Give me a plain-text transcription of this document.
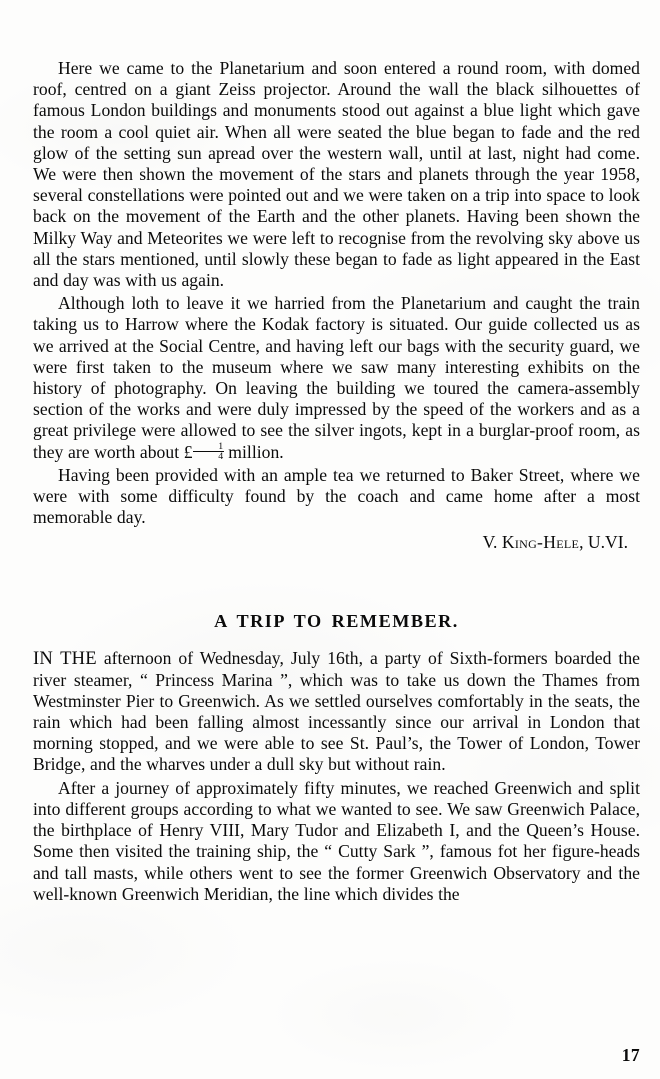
Here we came to the Planetarium and soon entered a round room, with domed roof, centred on a giant Zeiss projector. Around the wall the black silhouettes of famous London buildings and monuments stood out against a blue light which gave the room a cool quiet air. When all were seated the blue began to fade and the red glow of the setting sun apread over the western wall, until at last, night had come. We were then shown the movement of the stars and planets through the year 1958, several constellations were pointed out and we were taken on a trip into space to look back on the movement of the Earth and the other planets. Having been shown the Milky Way and Meteorites we were left to recognise from the revolving sky above us all the stars mentioned, until slowly these began to fade as light appeared in the East and day was with us again.

Although loth to leave it we harried from the Planetarium and caught the train taking us to Harrow where the Kodak factory is situated. Our guide collected us as we arrived at the Social Centre, and having left our bags with the security guard, we were first taken to the museum where we saw many interesting exhibits on the history of photography. On leaving the building we toured the camera-assembly section of the works and were duly impressed by the speed of the workers and as a great privilege were allowed to see the silver ingots, kept in a burglar-proof room, as they are worth about £ $\frac{1}{4}$ million.

Having been provided with an ample tea we returned to Baker Street, where we were with some difficulty found by the coach and came home after a most memorable day.

V. King-Hele, U.VI.

A TRIP TO REMEMBER.

IN THE afternoon of Wednesday, July 16th, a party of Sixth-formers boarded the river steamer, “ Princess Marina ”, which was to take us down the Thames from Westminster Pier to Greenwich. As we settled ourselves comfortably in the seats, the rain which had been falling almost incessantly since our arrival in London that morning stopped, and we were able to see St. Paul’s, the Tower of London, Tower Bridge, and the wharves under a dull sky but without rain.

After a journey of approximately fifty minutes, we reached Greenwich and split into different groups according to what we wanted to see. We saw Greenwich Palace, the birthplace of Henry VIII, Mary Tudor and Elizabeth I, and the Queen’s House. Some then visited the training ship, the “ Cutty Sark ”, famous fot her figure-heads and tall masts, while others went to see the former Greenwich Observatory and the well-known Greenwich Meridian, the line which divides the

17
